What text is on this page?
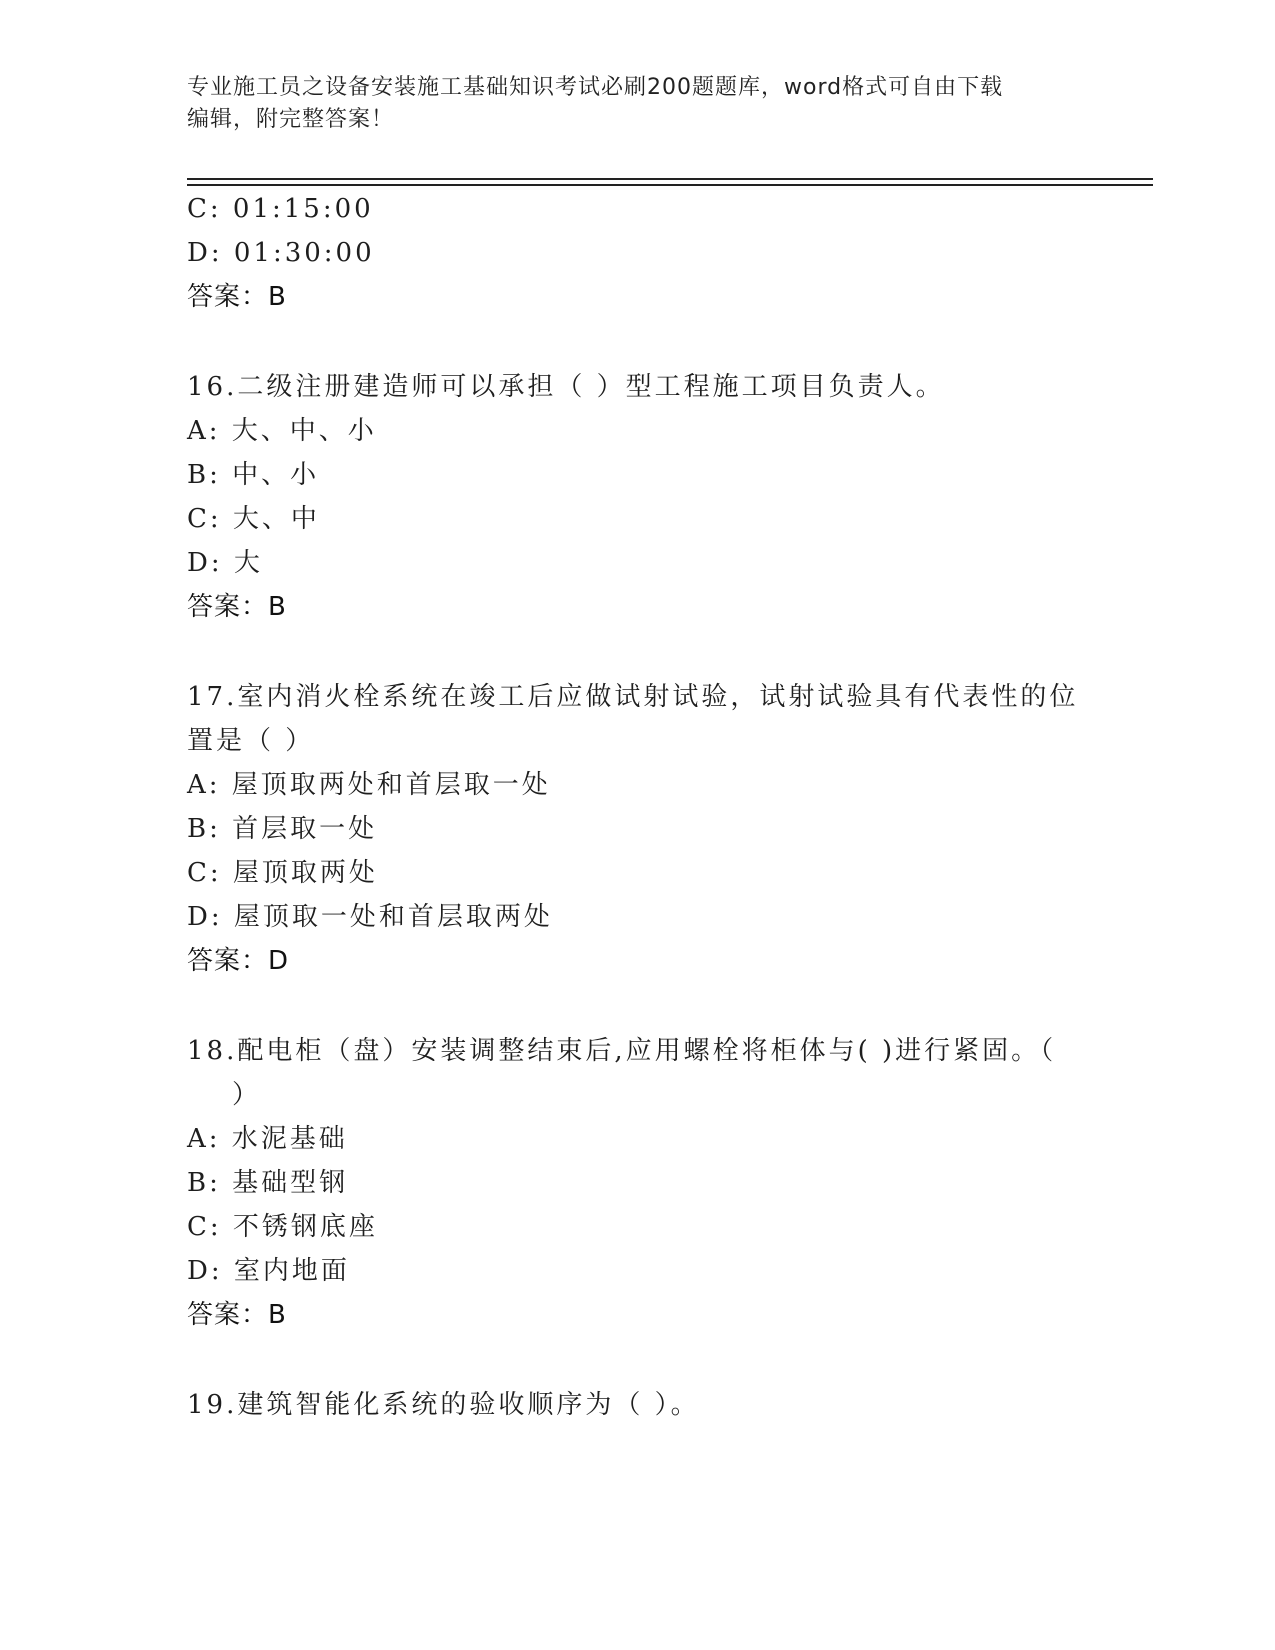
专业施工员之设备安装施工基础知识考试必刷200题题库，word格式可自由下载
编辑，附完整答案！
C: 01:15:00
D: 01:30:00
答案：B
16.二级注册建造师可以承担（ ）型工程施工项目负责人。
A: 大、中、小
B: 中、小
C: 大、中
D: 大
答案：B
17.室内消火栓系统在竣工后应做试射试验，试射试验具有代表性的位
置是（ ）
A: 屋顶取两处和首层取一处
B: 首层取一处
C: 屋顶取两处
D: 屋顶取一处和首层取两处
答案：D
18.配电柜（盘）安装调整结束后,应用螺栓将柜体与( )进行紧固。（
）
A: 水泥基础
B: 基础型钢
C: 不锈钢底座
D: 室内地面
答案：B
19.建筑智能化系统的验收顺序为（ ）。
